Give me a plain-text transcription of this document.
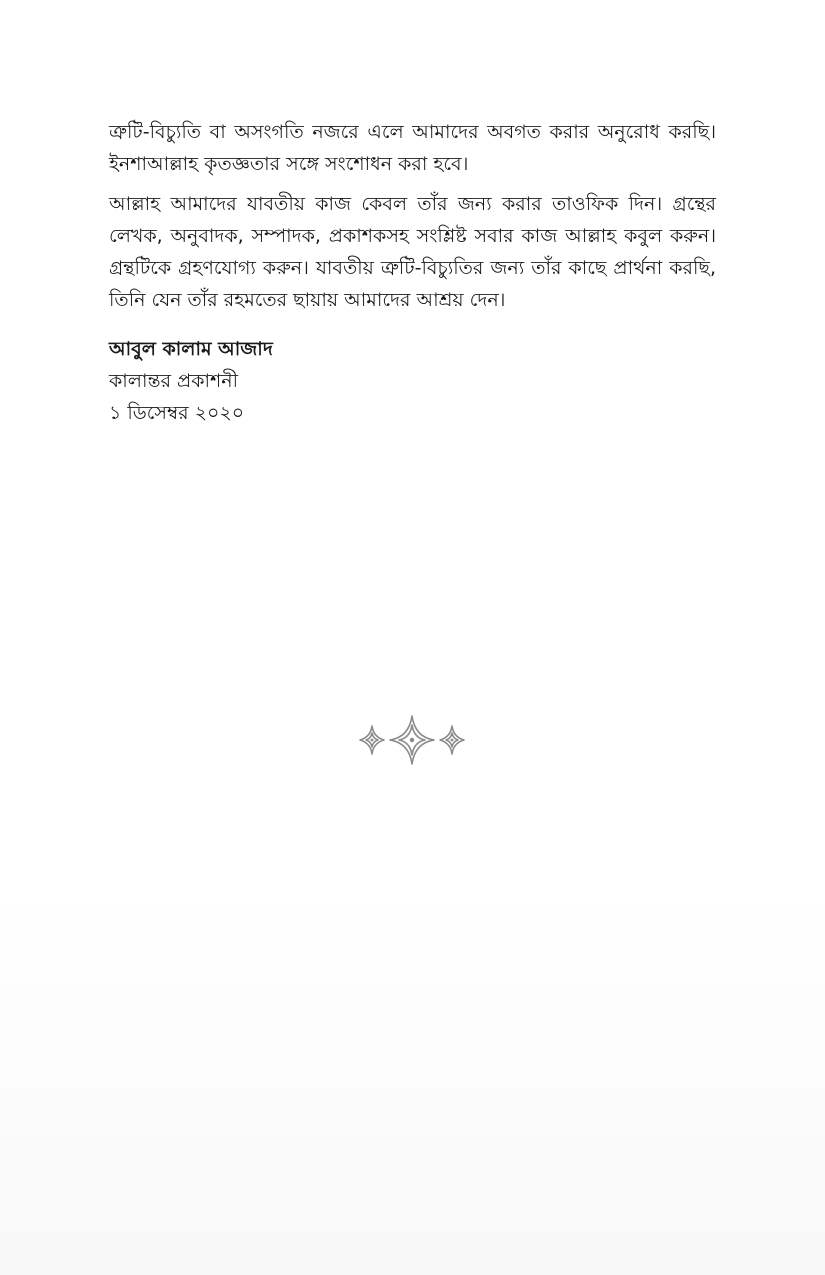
ত্রুটি-বিচ্যুতি বা অসংগতি নজরে এলে আমাদের অবগত করার অনুরোধ করছি। ইনশাআল্লাহ কৃতজ্ঞতার সঙ্গে সংশোধন করা হবে।

আল্লাহ আমাদের যাবতীয় কাজ কেবল তাঁর জন্য করার তাওফিক দিন। গ্রন্থের লেখক, অনুবাদক, সম্পাদক, প্রকাশকসহ সংশ্লিষ্ট সবার কাজ আল্লাহ কবুল করুন। গ্রন্থটিকে গ্রহণযোগ্য করুন। যাবতীয় ত্রুটি-বিচ্যুতির জন্য তাঁর কাছে প্রার্থনা করছি, তিনি যেন তাঁর রহমতের ছায়ায় আমাদের আশ্রয় দেন।

আবুল কালাম আজাদ
কালান্তর প্রকাশনী
১ ডিসেম্বর ২০২০
